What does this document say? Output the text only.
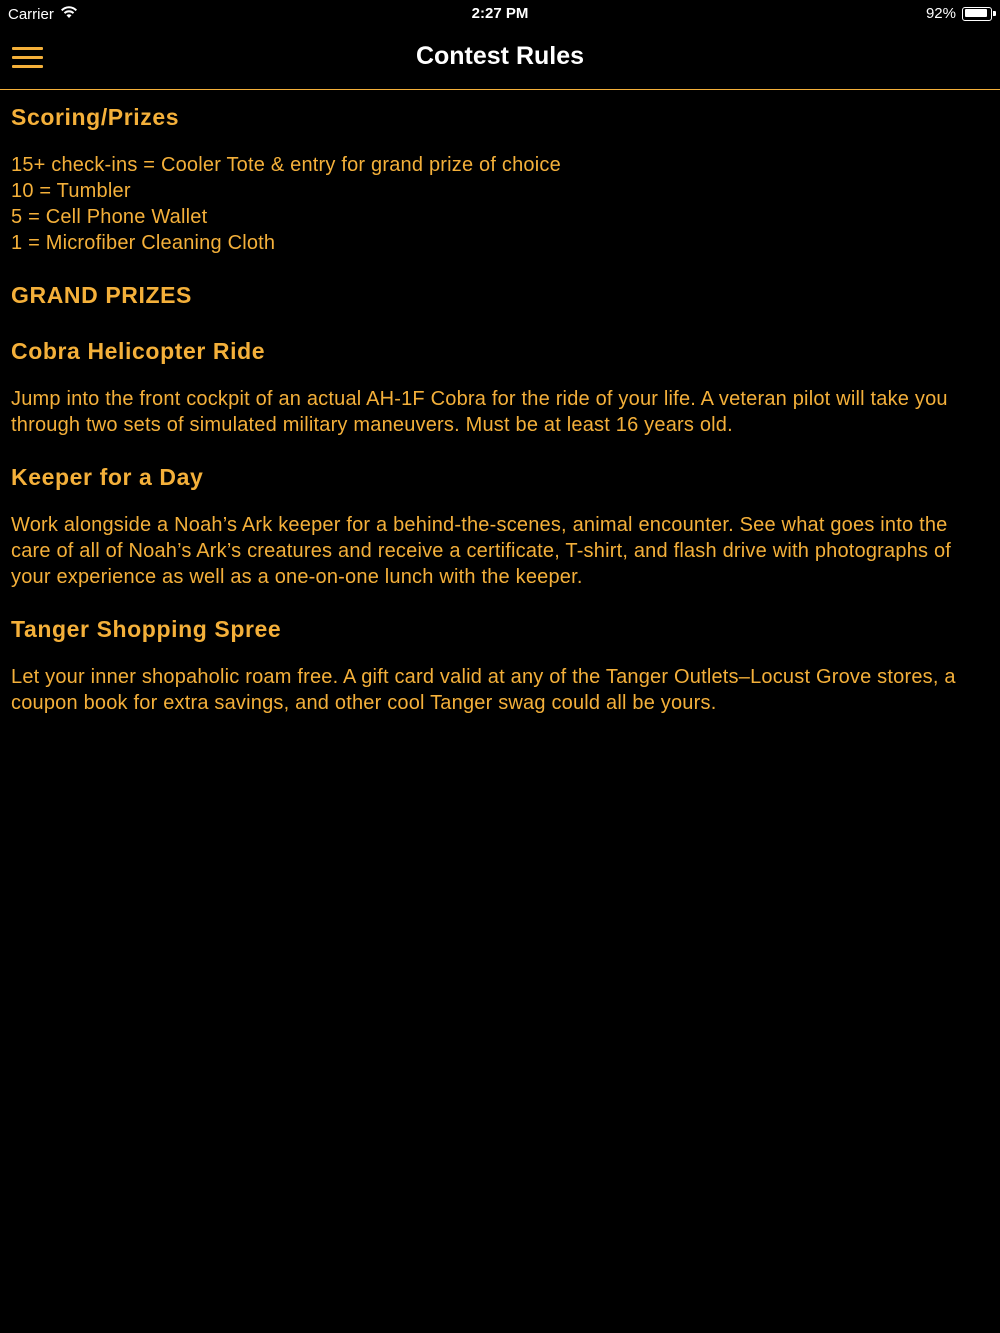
Carrier	2:27 PM	92%
Contest Rules
Scoring/Prizes
15+ check-ins = Cooler Tote & entry for grand prize of choice
10 = Tumbler
5 = Cell Phone Wallet
1 = Microfiber Cleaning Cloth
GRAND PRIZES
Cobra Helicopter Ride
Jump into the front cockpit of an actual AH-1F Cobra for the ride of your life. A veteran pilot will take you through two sets of simulated military maneuvers. Must be at least 16 years old.
Keeper for a Day
Work alongside a Noah’s Ark keeper for a behind-the-scenes, animal encounter. See what goes into the care of all of Noah’s Ark’s creatures and receive a certificate, T-shirt, and flash drive with photographs of your experience as well as a one-on-one lunch with the keeper.
Tanger Shopping Spree
Let your inner shopaholic roam free. A gift card valid at any of the Tanger Outlets–Locust Grove stores, a coupon book for extra savings, and other cool Tanger swag could all be yours.
